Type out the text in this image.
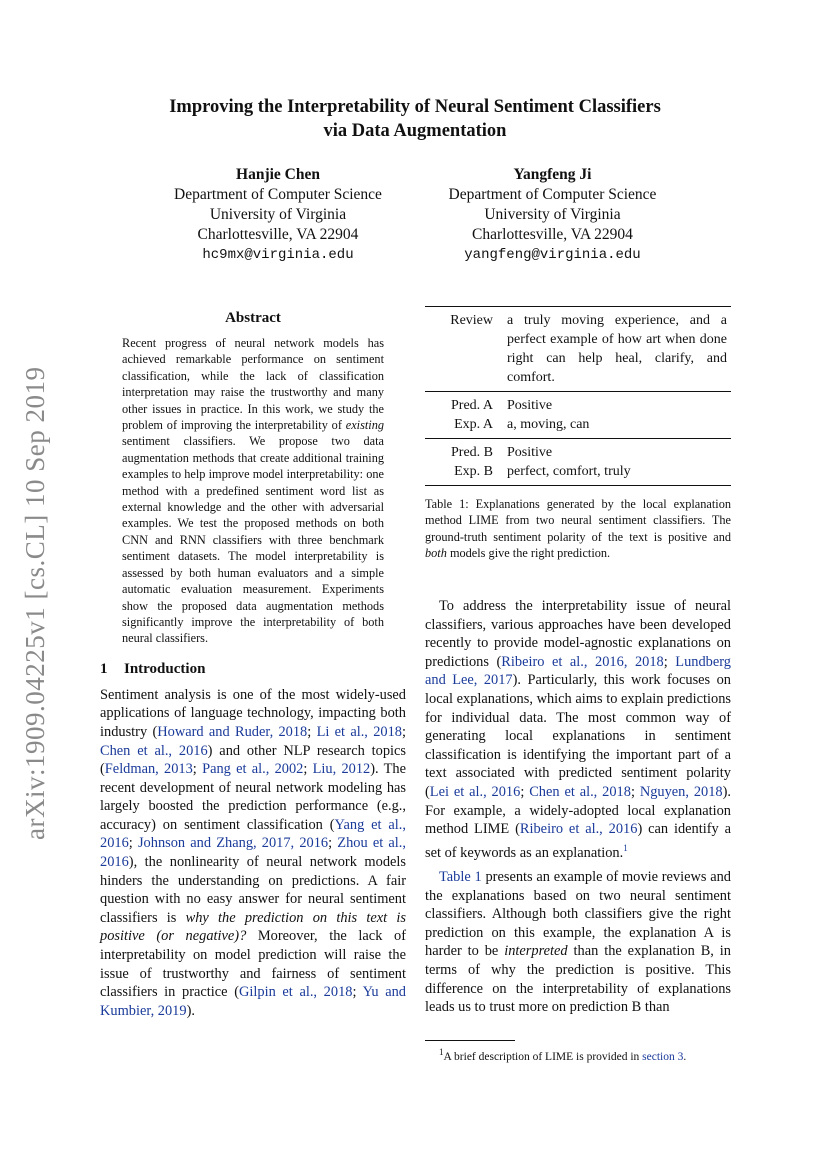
arXiv:1909.04225v1 [cs.CL] 10 Sep 2019
Improving the Interpretability of Neural Sentiment Classifiers
via Data Augmentation
Hanjie Chen
Department of Computer Science
University of Virginia
Charlottesville, VA 22904
hc9mx@virginia.edu
Yangfeng Ji
Department of Computer Science
University of Virginia
Charlottesville, VA 22904
yangfeng@virginia.edu
Abstract
Recent progress of neural network models has achieved remarkable performance on sentiment classification, while the lack of classification interpretation may raise the trustworthy and many other issues in practice. In this work, we study the problem of improving the interpretability of existing sentiment classifiers. We propose two data augmentation methods that create additional training examples to help improve model interpretability: one method with a predefined sentiment word list as external knowledge and the other with adversarial examples. We test the proposed methods on both CNN and RNN classifiers with three benchmark sentiment datasets. The model interpretability is assessed by both human evaluators and a simple automatic evaluation measurement. Experiments show the proposed data augmentation methods significantly improve the interpretability of both neural classifiers.
1 Introduction

Sentiment analysis is one of the most widely-used applications of language technology, impacting both industry (Howard and Ruder, 2018; Li et al., 2018; Chen et al., 2016) and other NLP research topics (Feldman, 2013; Pang et al., 2002; Liu, 2012). The recent development of neural network modeling has largely boosted the prediction performance (e.g., accuracy) on sentiment classification (Yang et al., 2016; Johnson and Zhang, 2017, 2016; Zhou et al., 2016), the nonlinearity of neural network models hinders the understanding on predictions. A fair question with no easy answer for neural sentiment classifiers is why the prediction on this text is positive (or negative)? Moreover, the lack of interpretability on model prediction will raise the issue of trustworthy and fairness of sentiment classifiers in practice (Gilpin et al., 2018; Yu and Kumbier, 2019).

Review	a truly moving experience, and a perfect example of how art when done right can help heal, clarify, and comfort.
Pred. A	Positive
Exp. A	a, moving, can
Pred. B	Positive
Exp. B	perfect, comfort, truly
Table 1: Explanations generated by the local explanation method LIME from two neural sentiment classifiers. The ground-truth sentiment polarity of the text is positive and both models give the right prediction.

To address the interpretability issue of neural classifiers, various approaches have been developed recently to provide model-agnostic explanations on predictions (Ribeiro et al., 2016, 2018; Lundberg and Lee, 2017). Particularly, this work focuses on local explanations, which aims to explain predictions for individual data. The most common way of generating local explanations in sentiment classification is identifying the important part of a text associated with predicted sentiment polarity (Lei et al., 2016; Chen et al., 2018; Nguyen, 2018). For example, a widely-adopted local explanation method LIME (Ribeiro et al., 2016) can identify a set of keywords as an explanation.$^1$

Table 1 presents an example of movie reviews and the explanations based on two neural sentiment classifiers. Although both classifiers give the right prediction on this example, the explanation A is harder to be interpreted than the explanation B, in terms of why the prediction is positive. This difference on the interpretability of explanations leads us to trust more on prediction B than

$^1$A brief description of LIME is provided in section 3.
